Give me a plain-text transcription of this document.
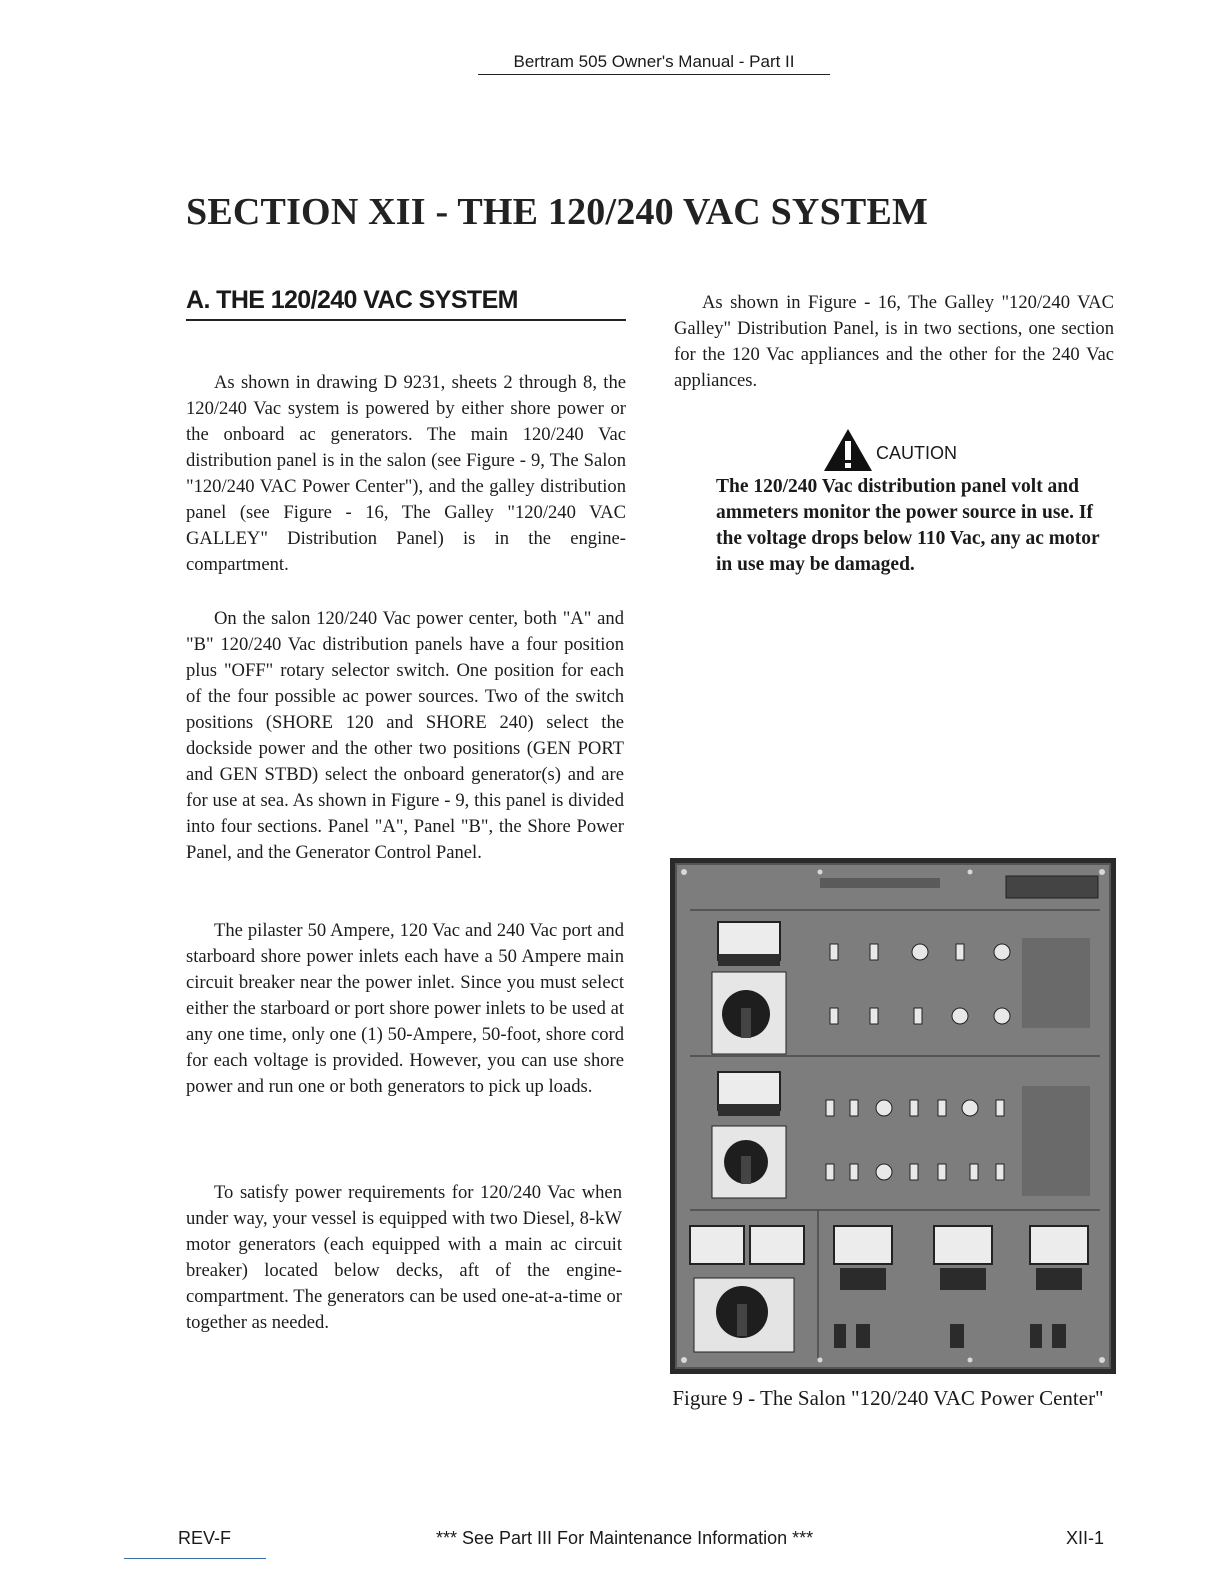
Bertram 505 Owner's Manual - Part II
SECTION XII - THE 120/240 VAC SYSTEM
A. THE 120/240 VAC SYSTEM

As shown in drawing D 9231, sheets 2 through 8, the 120/240 Vac system is powered by either shore power or the onboard ac generators. The main 120/240 Vac distribution panel is in the salon (see Figure - 9, The Salon "120/240 VAC Power Center"), and the galley distribution panel (see Figure - 16, The Galley "120/240 VAC GALLEY" Distribution Panel) is in the engine-compartment.

On the salon 120/240 Vac power center, both "A" and "B" 120/240 Vac distribution panels have a four position plus "OFF" rotary selector switch. One position for each of the four possible ac power sources. Two of the switch positions (SHORE 120 and SHORE 240) select the dockside power and the other two positions (GEN PORT and GEN STBD) select the onboard generator(s) and are for use at sea. As shown in Figure - 9, this panel is divided into four sections. Panel "A", Panel "B", the Shore Power Panel, and the Generator Control Panel.

The pilaster 50 Ampere, 120 Vac and 240 Vac port and starboard shore power inlets each have a 50 Ampere main circuit breaker near the power inlet. Since you must select either the starboard or port shore power inlets to be used at any one time, only one (1) 50-Ampere, 50-foot, shore cord for each voltage is provided. However, you can use shore power and run one or both generators to pick up loads.

To satisfy power requirements for 120/240 Vac when under way, your vessel is equipped with two Diesel, 8-kW motor generators (each equipped with a main ac circuit breaker) located below decks, aft of the engine-compartment. The generators can be used one-at-a-time or together as needed.

As shown in Figure - 16, The Galley "120/240 VAC Galley" Distribution Panel, is in two sections, one section for the 120 Vac appliances and the other for the 240 Vac appliances.

CAUTION

The 120/240 Vac distribution panel volt and ammeters monitor the power source in use. If the voltage drops below 110 Vac, any ac motor in use may be damaged.

Figure 9 - The Salon "120/240 VAC Power Center"
REV-F	*** See Part III For Maintenance Information ***	XII-1
